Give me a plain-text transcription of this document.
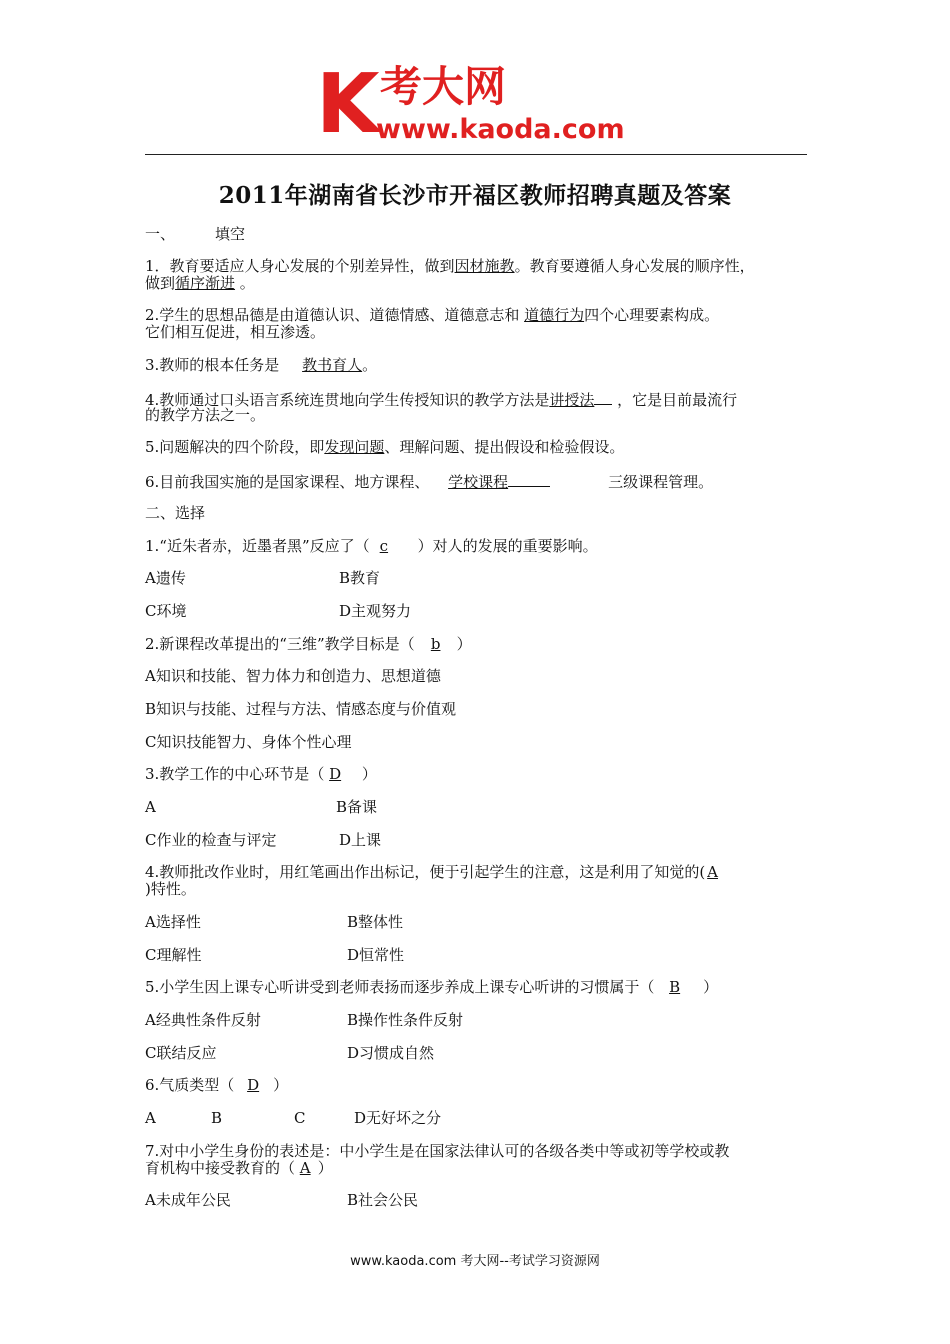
K 考大网
www.kaoda.com
2011年湖南省长沙市开福区教师招聘真题及答案
一、	填空
1．教育要适应人身心发展的个别差异性，做到因材施教。教育要遵循人身心发展的顺序性，
做到循序渐进 。
2.学生的思想品德是由道德认识、道德情感、道德意志和 道德行为四个心理要素构成。
它们相互促进，相互渗透。
3.教师的根本任务是 教书育人。
4.教师通过口头语言系统连贯地向学生传授知识的教学方法是讲授法 ，它是目前最流行
的教学方法之一。
5.问题解决的四个阶段，即发现问题、理解问题、提出假设和检验假设。
6.目前我国实施的是国家课程、地方课程、 学校课程	三级课程管理。
二、选择
1.“近朱者赤，近墨者黑”反应了（ c ）对人的发展的重要影响。
A遗传	B教育
C环境	D主观努力
2.新课程改革提出的“三维”教学目标是（ b ）
A知识和技能、智力体力和创造力、思想道德
B知识与技能、过程与方法、情感态度与价值观
C知识技能智力、身体个性心理
3.教学工作的中心环节是（ D ）
A	B备课
C作业的检查与评定	D上课
4.教师批改作业时，用红笔画出作出标记，便于引起学生的注意，这是利用了知觉的( A
)特性。
A选择性	B整体性
C理解性	D恒常性
5.小学生因上课专心听讲受到老师表扬而逐步养成上课专心听讲的习惯属于（ B ）
A经典性条件反射	B操作性条件反射
C联结反应	D习惯成自然
6.气质类型（ D ）
A	B	C	D无好坏之分
7.对中小学生身份的表述是：中小学生是在国家法律认可的各级各类中等或初等学校或教
育机构中接受教育的（ A ）
A未成年公民	B社会公民
www.kaoda.com 考大网--考试学习资源网
